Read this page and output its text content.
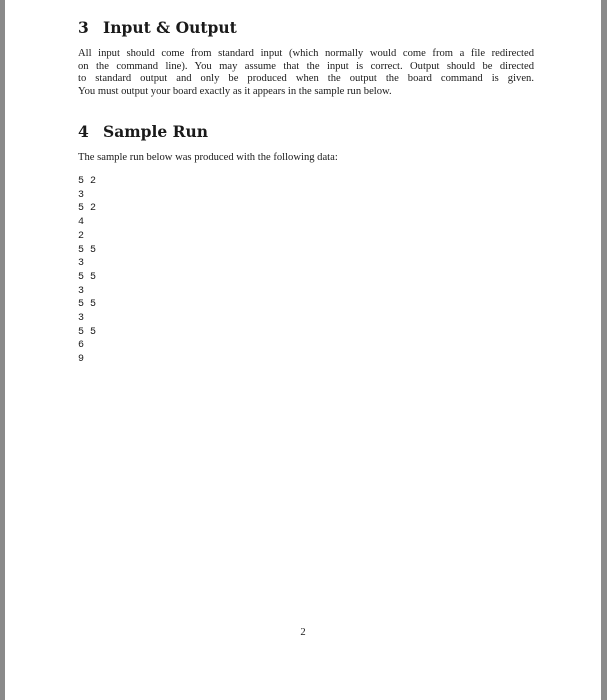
3 Input & Output

All input should come from standard input (which normally would come from a file redirected
on the command line). You may assume that the input is correct. Output should be directed
to standard output and only be produced when the output the board command is given.
You must output your board exactly as it appears in the sample run below.

4 Sample Run

The sample run below was produced with the following data:

5 2
3
5 2
4
2
5 5
3
5 5
3
5 5
3
5 5
6
9
2
